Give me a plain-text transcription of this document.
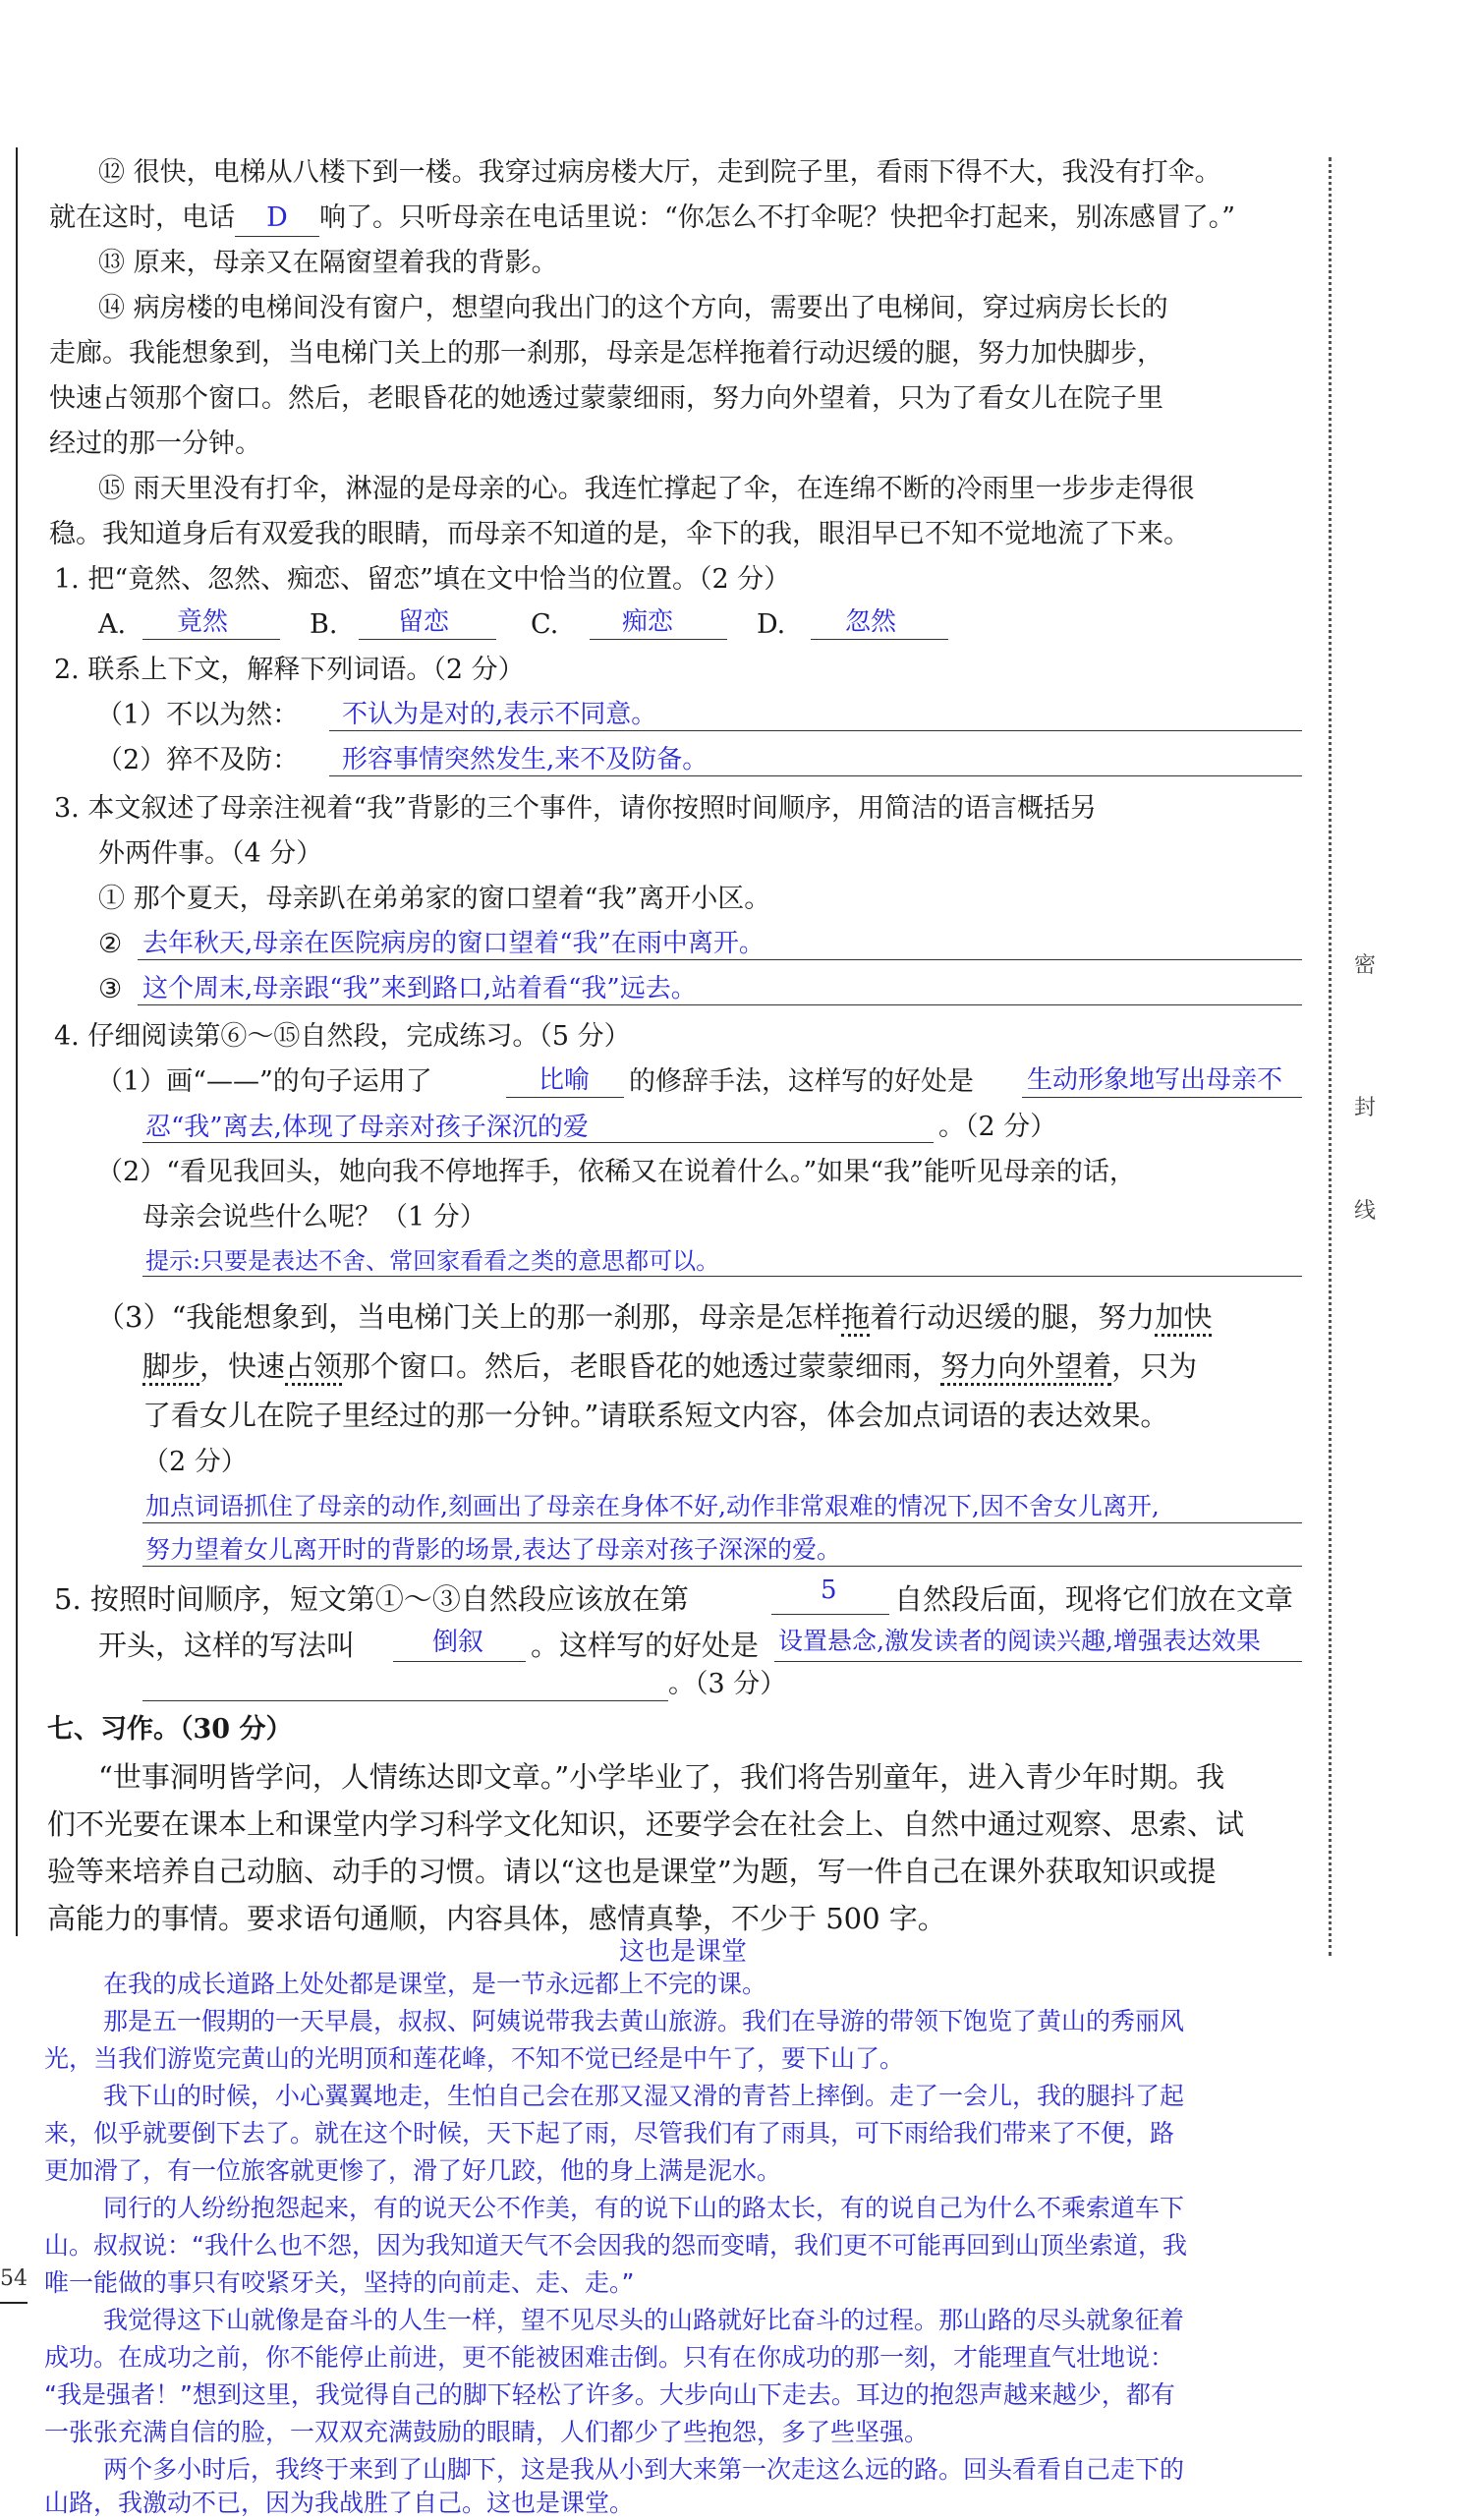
密
封
线
⑫ 很快，电梯从八楼下到一楼。我穿过病房楼大厅，走到院子里，看雨下得不大，我没有打伞。
就在这时，电话 D 响了。只听母亲在电话里说：“你怎么不打伞呢？快把伞打起来，别冻感冒了。”
⑬ 原来，母亲又在隔窗望着我的背影。
⑭ 病房楼的电梯间没有窗户，想望向我出门的这个方向，需要出了电梯间，穿过病房长长的
走廊。我能想象到，当电梯门关上的那一刹那，母亲是怎样拖着行动迟缓的腿，努力加快脚步，
快速占领那个窗口。然后，老眼昏花的她透过蒙蒙细雨，努力向外望着，只为了看女儿在院子里
经过的那一分钟。
⑮ 雨天里没有打伞，淋湿的是母亲的心。我连忙撑起了伞，在连绵不断的冷雨里一步步走得很
稳。我知道身后有双爱我的眼睛，而母亲不知道的是，伞下的我，眼泪早已不知不觉地流了下来。
1. 把“竟然、忽然、痴恋、留恋”填在文中恰当的位置。（2 分）
A. 竟然	B. 留恋	C. 痴恋	D. 忽然
2. 联系上下文，解释下列词语。（2 分）
（1）不以为然：	不认为是对的,表示不同意。
（2）猝不及防：	形容事情突然发生,来不及防备。
3. 本文叙述了母亲注视着“我”背影的三个事件，请你按照时间顺序，用简洁的语言概括另
外两件事。（4 分）
① 那个夏天，母亲趴在弟弟家的窗口望着“我”离开小区。
② 去年秋天,母亲在医院病房的窗口望着“我”在雨中离开。
③ 这个周末,母亲跟“我”来到路口,站着看“我”远去。
4. 仔细阅读第⑥～⑮自然段，完成练习。（5 分）
（1）画“——”的句子运用了	比喻 的修辞手法，这样写的好处是	生动形象地写出母亲不
忍“我”离去,体现了母亲对孩子深沉的爱	。（2 分）
（2）“看见我回头，她向我不停地挥手，依稀又在说着什么。”如果“我”能听见母亲的话，
母亲会说些什么呢？（1 分）
提示:只要是表达不舍、常回家看看之类的意思都可以。
（3）“我能想象到，当电梯门关上的那一刹那，母亲是怎样拖着行动迟缓的腿，努力加快
脚步，快速占领那个窗口。然后，老眼昏花的她透过蒙蒙细雨，努力向外望着，只为
了看女儿在院子里经过的那一分钟。”请联系短文内容，体会加点词语的表达效果。
（2 分）
加点词语抓住了母亲的动作,刻画出了母亲在身体不好,动作非常艰难的情况下,因不舍女儿离开,
努力望着女儿离开时的背影的场景,表达了母亲对孩子深深的爱。
5. 按照时间顺序，短文第①～③自然段应该放在第	5 自然段后面，现将它们放在文章
开头，这样的写法叫	倒叙 。这样写的好处是 设置悬念,激发读者的阅读兴趣,增强表达效果
。（3 分）
七、习作。（30 分）
“世事洞明皆学问，人情练达即文章。”小学毕业了，我们将告别童年，进入青少年时期。我
们不光要在课本上和课堂内学习科学文化知识，还要学会在社会上、自然中通过观察、思索、试
验等来培养自己动脑、动手的习惯。请以“这也是课堂”为题，写一件自己在课外获取知识或提
高能力的事情。要求语句通顺，内容具体，感情真挚，不少于 500 字。
这也是课堂
在我的成长道路上处处都是课堂，是一节永远都上不完的课。
那是五一假期的一天早晨，叔叔、阿姨说带我去黄山旅游。我们在导游的带领下饱览了黄山的秀丽风
光，当我们游览完黄山的光明顶和莲花峰，不知不觉已经是中午了，要下山了。
我下山的时候，小心翼翼地走，生怕自己会在那又湿又滑的青苔上摔倒。走了一会儿，我的腿抖了起
来，似乎就要倒下去了。就在这个时候，天下起了雨，尽管我们有了雨具，可下雨给我们带来了不便，路
更加滑了，有一位旅客就更惨了，滑了好几跤，他的身上满是泥水。
同行的人纷纷抱怨起来，有的说天公不作美，有的说下山的路太长，有的说自己为什么不乘索道车下
山。叔叔说：“我什么也不怨，因为我知道天气不会因我的怨而变晴，我们更不可能再回到山顶坐索道，我
唯一能做的事只有咬紧牙关，坚持的向前走、走、走。”
我觉得这下山就像是奋斗的人生一样，望不见尽头的山路就好比奋斗的过程。那山路的尽头就象征着
成功。在成功之前，你不能停止前进，更不能被困难击倒。只有在你成功的那一刻，才能理直气壮地说：
“我是强者！”想到这里，我觉得自己的脚下轻松了许多。大步向山下走去。耳边的抱怨声越来越少，都有
一张张充满自信的脸，一双双充满鼓励的眼睛，人们都少了些抱怨，多了些坚强。
两个多小时后，我终于来到了山脚下，这是我从小到大来第一次走这么远的路。回头看看自己走下的
山路，我激动不已，因为我战胜了自己。这也是课堂。
54
